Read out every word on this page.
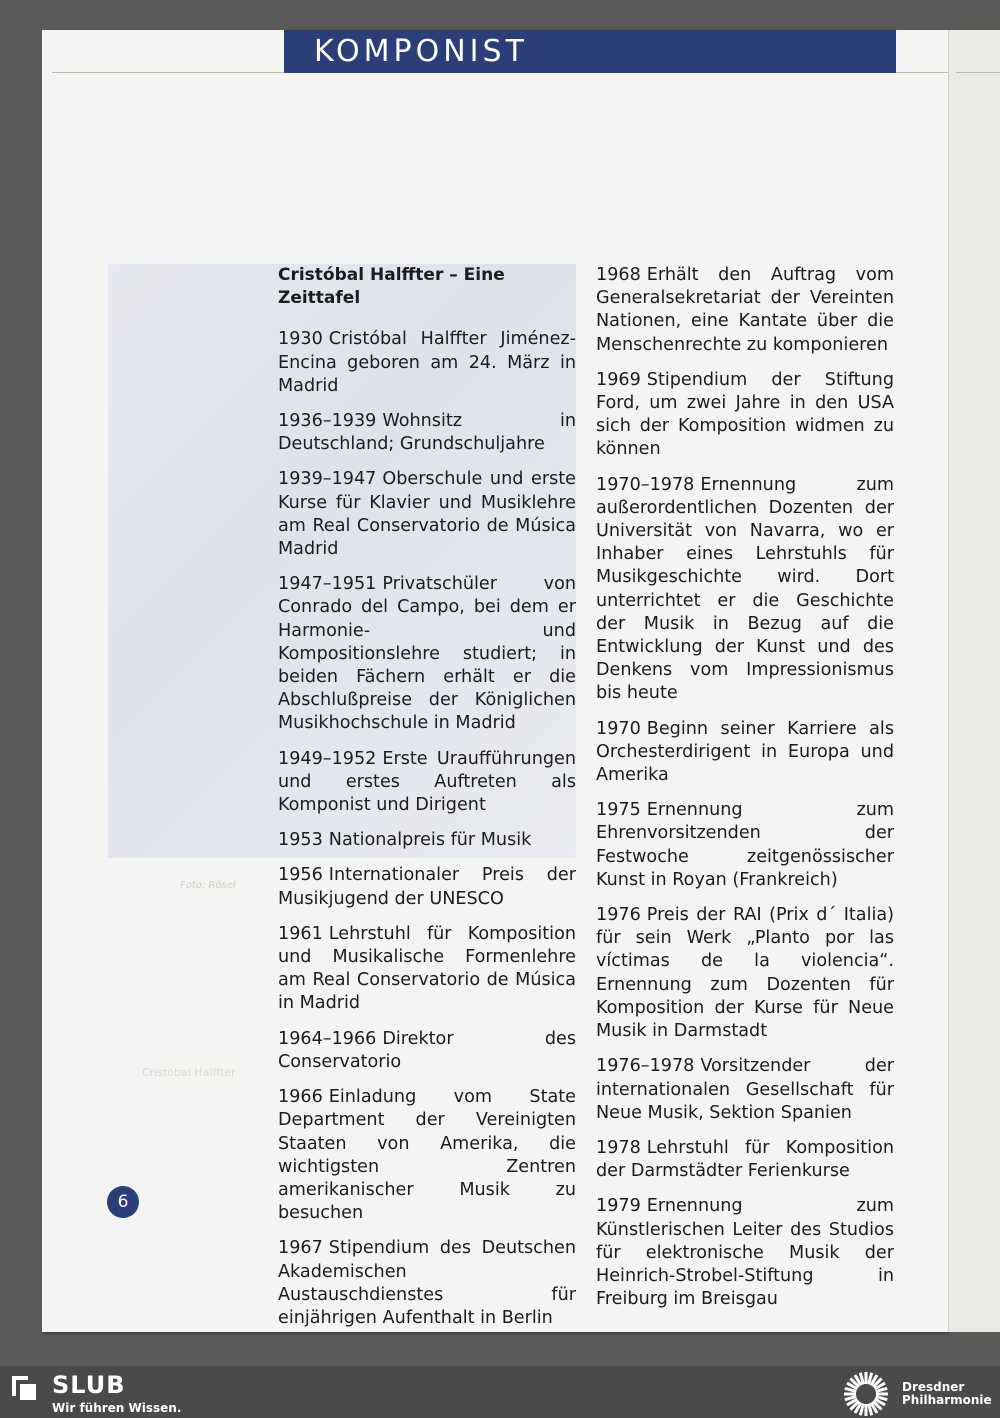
KOMPONIST
Foto: Rösel
Cristóbal Halffter
Cristóbal Halffter – Eine Zeittafel
1930 Cristóbal Halffter Jiménez-Encina geboren am 24. März in Madrid
1936–1939 Wohnsitz in Deutschland; Grundschuljahre
1939–1947 Oberschule und erste Kurse für Klavier und Musiklehre am Real Conservatorio de Música Madrid
1947–1951 Privatschüler von Conrado del Campo, bei dem er Harmonie- und Kompositionslehre studiert; in beiden Fächern erhält er die Abschlußpreise der Königlichen Musikhochschule in Madrid
1949–1952 Erste Uraufführungen und erstes Auftreten als Komponist und Dirigent
1953 Nationalpreis für Musik
1956 Internationaler Preis der Musikjugend der UNESCO
1961 Lehrstuhl für Komposition und Musikalische Formenlehre am Real Conservatorio de Música in Madrid
1964–1966 Direktor des Conservatorio
1966 Einladung vom State Department der Vereinigten Staaten von Amerika, die wichtigsten Zentren amerikanischer Musik zu besuchen
1967 Stipendium des Deutschen Akademischen Austauschdienstes für einjährigen Aufenthalt in Berlin
1968 Erhält den Auftrag vom Generalsekretariat der Vereinten Nationen, eine Kantate über die Menschenrechte zu komponieren
1969 Stipendium der Stiftung Ford, um zwei Jahre in den USA sich der Komposition widmen zu können
1970–1978 Ernennung zum außerordentlichen Dozenten der Universität von Navarra, wo er Inhaber eines Lehrstuhls für Musikgeschichte wird. Dort unterrichtet er die Geschichte der Musik in Bezug auf die Entwicklung der Kunst und des Denkens vom Impressionismus bis heute
1970 Beginn seiner Karriere als Orchesterdirigent in Europa und Amerika
1975 Ernennung zum Ehrenvorsitzenden der Festwoche zeitgenössischer Kunst in Royan (Frankreich)
1976 Preis der RAI (Prix d´ Italia) für sein Werk „Planto por las víctimas de la violencia“. Ernennung zum Dozenten für Komposition der Kurse für Neue Musik in Darmstadt
1976–1978 Vorsitzender der internationalen Gesellschaft für Neue Musik, Sektion Spanien
1978 Lehrstuhl für Komposition der Darmstädter Ferienkurse
1979 Ernennung zum Künstlerischen Leiter des Studios für elektronische Musik der Heinrich-Strobel-Stiftung in Freiburg im Breisgau
6
SLUB
Wir führen Wissen.
Dresdner
Philharmonie
